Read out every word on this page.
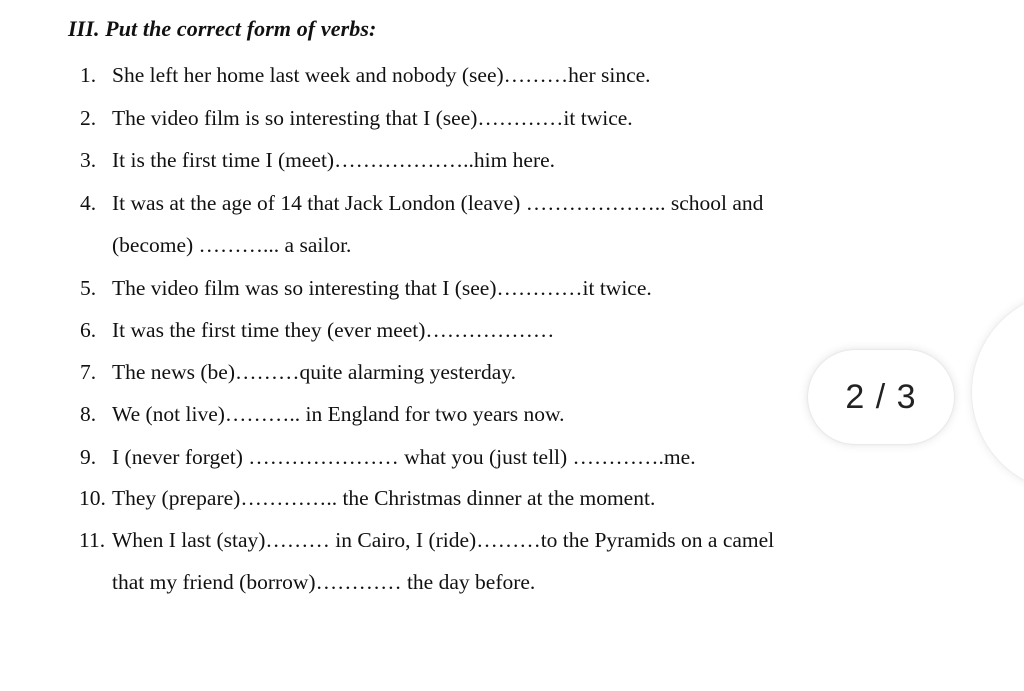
III. Put the correct form of verbs:
1. She left her home last week and nobody (see)………her since.
2. The video film is so interesting that I (see)…………it twice.
3. It is the first time I (meet)………………..him here.
4. It was at the age of 14 that Jack London (leave) ……………….. school and
(become) ………... a sailor.
5. The video film was so interesting that I (see)…………it twice.
6. It was the first time they (ever meet)………………
7. The news (be)………quite alarming yesterday.
8. We (not live)……….. in England for two years now.
9. I (never forget) ………………… what you (just tell) ………….me.
10. They (prepare)………….. the Christmas dinner at the moment.
11. When I last (stay)……… in Cairo, I (ride)………to the Pyramids on a camel
that my friend (borrow)………… the day before.
2 / 3
